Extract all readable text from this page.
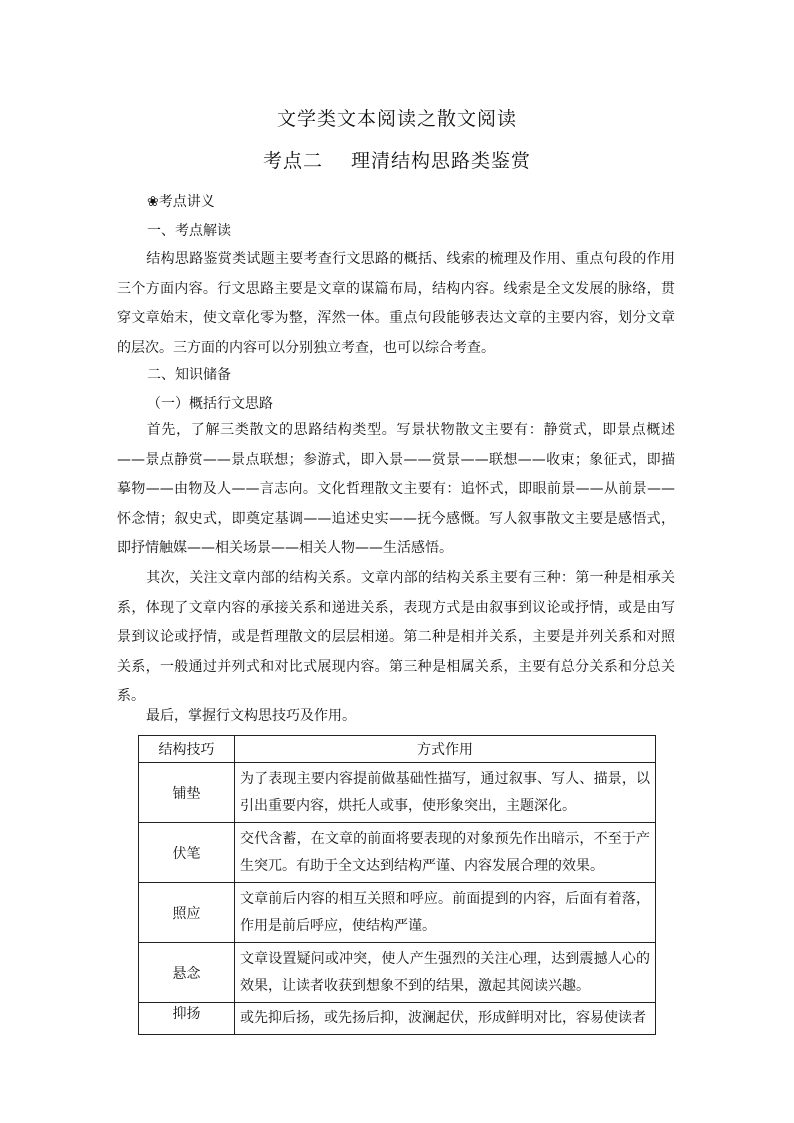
文学类文本阅读之散文阅读
考点二 理清结构思路类鉴赏
❀考点讲义
一、考点解读
结构思路鉴赏类试题主要考查行文思路的概括、线索的梳理及作用、重点句段的作用三个方面内容。行文思路主要是文章的谋篇布局，结构内容。线索是全文发展的脉络，贯穿文章始末，使文章化零为整，浑然一体。重点句段能够表达文章的主要内容，划分文章的层次。三方面的内容可以分别独立考查，也可以综合考查。
二、知识储备
（一）概括行文思路
首先，了解三类散文的思路结构类型。写景状物散文主要有：静赏式，即景点概述——景点静赏——景点联想；参游式，即入景——赏景——联想——收束；象征式，即描摹物——由物及人——言志向。文化哲理散文主要有：追怀式，即眼前景——从前景——怀念情；叙史式，即奠定基调——追述史实——抚今感慨。写人叙事散文主要是感悟式，即抒情触媒——相关场景——相关人物——生活感悟。
其次，关注文章内部的结构关系。文章内部的结构关系主要有三种：第一种是相承关系，体现了文章内容的承接关系和递进关系，表现方式是由叙事到议论或抒情，或是由写景到议论或抒情，或是哲理散文的层层相递。第二种是相并关系，主要是并列关系和对照关系，一般通过并列式和对比式展现内容。第三种是相属关系，主要有总分关系和分总关系。
最后，掌握行文构思技巧及作用。
结构技巧	方式作用
铺垫	为了表现主要内容提前做基础性描写，通过叙事、写人、描景，以引出重要内容，烘托人或事，使形象突出，主题深化。
伏笔	交代含蓄，在文章的前面将要表现的对象预先作出暗示，不至于产生突兀。有助于全文达到结构严谨、内容发展合理的效果。
照应	文章前后内容的相互关照和呼应。前面提到的内容，后面有着落，作用是前后呼应，使结构严谨。
悬念	文章设置疑问或冲突，使人产生强烈的关注心理，达到震撼人心的效果，让读者收获到想象不到的结果，激起其阅读兴趣。
抑扬	或先抑后扬，或先扬后抑，波澜起伏，形成鲜明对比，容易使读者
